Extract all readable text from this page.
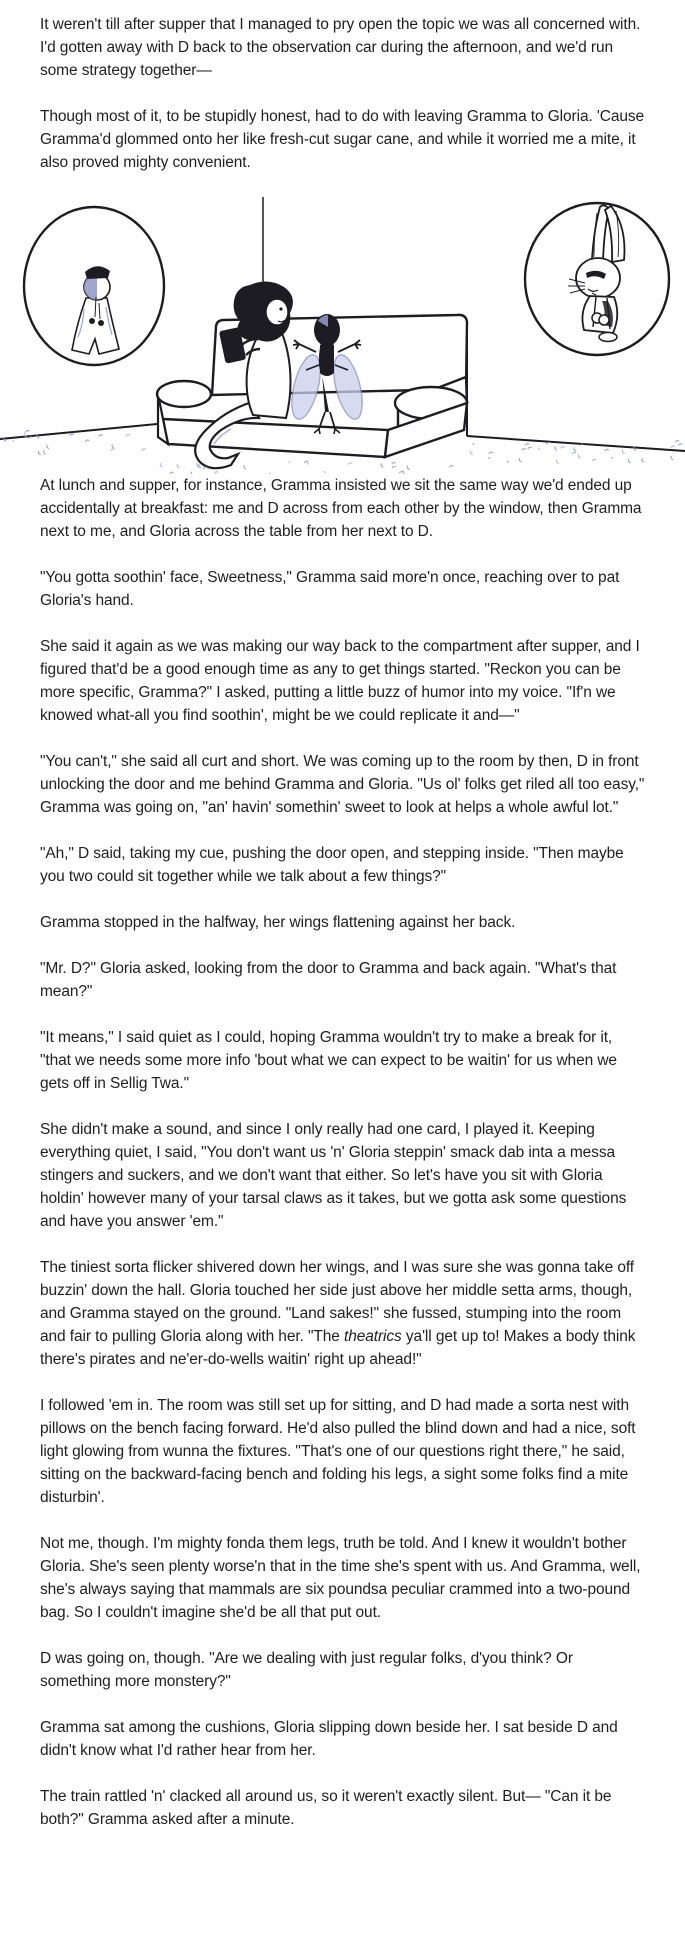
It weren't till after supper that I managed to pry open the topic we was all concerned with. I'd gotten away with D back to the observation car during the afternoon, and we'd run some strategy together—

Though most of it, to be stupidly honest, had to do with leaving Gramma to Gloria. 'Cause Gramma'd glommed onto her like fresh-cut sugar cane, and while it worried me a mite, it also proved mighty convenient.

At lunch and supper, for instance, Gramma insisted we sit the same way we'd ended up accidentally at breakfast: me and D across from each other by the window, then Gramma next to me, and Gloria across the table from her next to D.

"You gotta soothin' face, Sweetness," Gramma said more'n once, reaching over to pat Gloria's hand.

She said it again as we was making our way back to the compartment after supper, and I figured that'd be a good enough time as any to get things started. "Reckon you can be more specific, Gramma?" I asked, putting a little buzz of humor into my voice. "If'n we knowed what-all you find soothin', might be we could replicate it and—"

"You can't," she said all curt and short. We was coming up to the room by then, D in front unlocking the door and me behind Gramma and Gloria. "Us ol' folks get riled all too easy," Gramma was going on, "an' havin' somethin' sweet to look at helps a whole awful lot."

"Ah," D said, taking my cue, pushing the door open, and stepping inside. "Then maybe you two could sit together while we talk about a few things?"

Gramma stopped in the halfway, her wings flattening against her back.

"Mr. D?" Gloria asked, looking from the door to Gramma and back again. "What's that mean?"

"It means," I said quiet as I could, hoping Gramma wouldn't try to make a break for it, "that we needs some more info 'bout what we can expect to be waitin' for us when we gets off in Sellig Twa."

She didn't make a sound, and since I only really had one card, I played it. Keeping everything quiet, I said, "You don't want us 'n' Gloria steppin' smack dab inta a messa stingers and suckers, and we don't want that either. So let's have you sit with Gloria holdin' however many of your tarsal claws as it takes, but we gotta ask some questions and have you answer 'em."

The tiniest sorta flicker shivered down her wings, and I was sure she was gonna take off buzzin' down the hall. Gloria touched her side just above her middle setta arms, though, and Gramma stayed on the ground. "Land sakes!" she fussed, stumping into the room and fair to pulling Gloria along with her. "The theatrics ya'll get up to! Makes a body think there's pirates and ne'er-do-wells waitin' right up ahead!"

I followed 'em in. The room was still set up for sitting, and D had made a sorta nest with pillows on the bench facing forward. He'd also pulled the blind down and had a nice, soft light glowing from wunna the fixtures. "That's one of our questions right there," he said, sitting on the backward-facing bench and folding his legs, a sight some folks find a mite disturbin'.

Not me, though. I'm mighty fonda them legs, truth be told. And I knew it wouldn't bother Gloria. She's seen plenty worse'n that in the time she's spent with us. And Gramma, well, she's always saying that mammals are six poundsa peculiar crammed into a two-pound bag. So I couldn't imagine she'd be all that put out.

D was going on, though. "Are we dealing with just regular folks, d'you think? Or something more monstery?"

Gramma sat among the cushions, Gloria slipping down beside her. I sat beside D and didn't know what I'd rather hear from her.

The train rattled 'n' clacked all around us, so it weren't exactly silent. But— "Can it be both?" Gramma asked after a minute.
